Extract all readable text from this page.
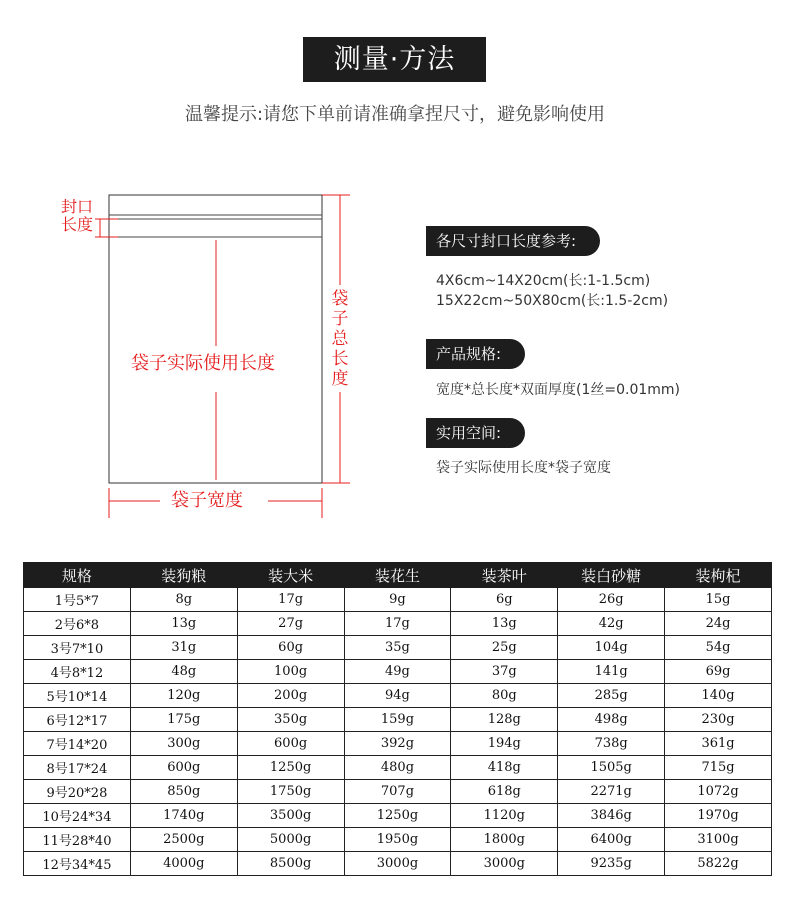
测量·方法
温馨提示:请您下单前请准确拿捏尺寸，避免影响使用
封口
长度
袋子实际使用长度
袋子总长度
袋子宽度
各尺寸封口长度参考:
4X6cm~14X20cm(长:1-1.5cm)
15X22cm~50X80cm(长:1.5-2cm)
产品规格:
宽度*总长度*双面厚度(1丝=0.01mm)
实用空间:
袋子实际使用长度*袋子宽度
规格	装狗粮	装大米	装花生	装茶叶	装白砂糖	装枸杞
1号5*7	8g	17g	9g	6g	26g	15g
2号6*8	13g	27g	17g	13g	42g	24g
3号7*10	31g	60g	35g	25g	104g	54g
4号8*12	48g	100g	49g	37g	141g	69g
5号10*14	120g	200g	94g	80g	285g	140g
6号12*17	175g	350g	159g	128g	498g	230g
7号14*20	300g	600g	392g	194g	738g	361g
8号17*24	600g	1250g	480g	418g	1505g	715g
9号20*28	850g	1750g	707g	618g	2271g	1072g
10号24*34	1740g	3500g	1250g	1120g	3846g	1970g
11号28*40	2500g	5000g	1950g	1800g	6400g	3100g
12号34*45	4000g	8500g	3000g	3000g	9235g	5822g
